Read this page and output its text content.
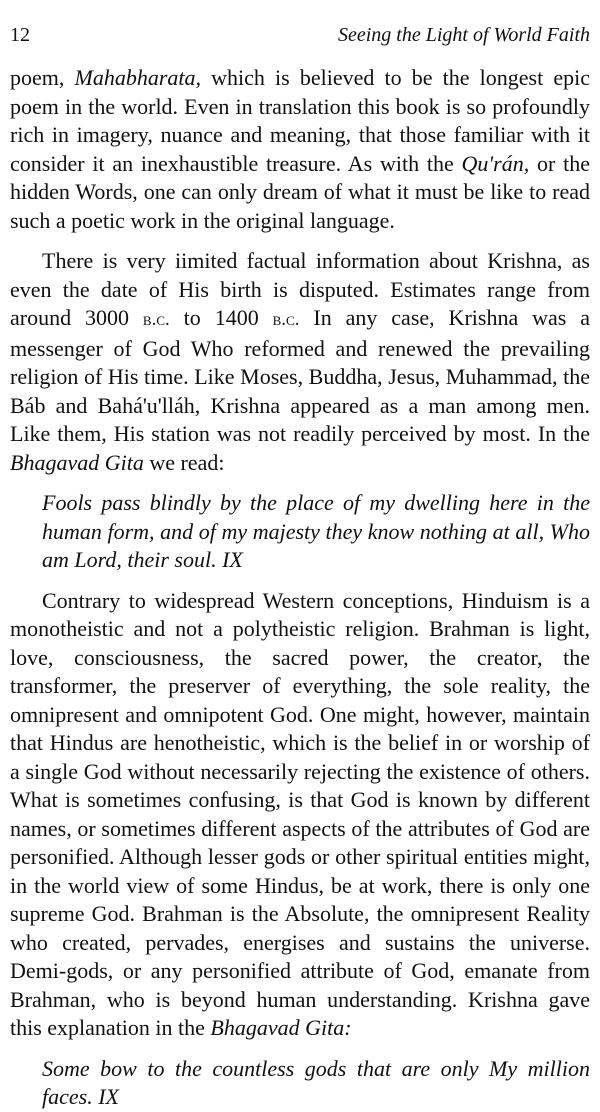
12	Seeing the Light of World Faith

poem, Mahabharata, which is believed to be the longest epic poem in the world. Even in translation this book is so profoundly rich in imagery, nuance and meaning, that those familiar with it consider it an inexhaustible treasure. As with the Qu'rán, or the hidden Words, one can only dream of what it must be like to read such a poetic work in the original language.

There is very iimited factual information about Krishna, as even the date of His birth is disputed. Estimates range from around 3000 b.c. to 1400 b.c. In any case, Krishna was a messenger of God Who reformed and renewed the prevailing religion of His time. Like Moses, Buddha, Jesus, Muhammad, the Báb and Bahá'u'lláh, Krishna appeared as a man among men. Like them, His station was not readily perceived by most. In the Bhagavad Gita we read:

Fools pass blindly by the place of my dwelling here in the human form, and of my majesty they know nothing at all, Who am Lord, their soul. IX

Contrary to widespread Western conceptions, Hinduism is a monotheistic and not a polytheistic religion. Brahman is light, love, consciousness, the sacred power, the creator, the transformer, the preserver of everything, the sole reality, the omnipresent and omnipotent God. One might, however, maintain that Hindus are henotheistic, which is the belief in or worship of a single God without necessarily rejecting the existence of others. What is sometimes confusing, is that God is known by different names, or sometimes different aspects of the attributes of God are personified. Although lesser gods or other spiritual entities might, in the world view of some Hindus, be at work, there is only one supreme God. Brahman is the Absolute, the omnipresent Reality who created, pervades, energises and sustains the universe. Demi-gods, or any personified attribute of God, emanate from Brahman, who is beyond human understanding. Krishna gave this explanation in the Bhagavad Gita:

Some bow to the countless gods that are only My million faces. IX
